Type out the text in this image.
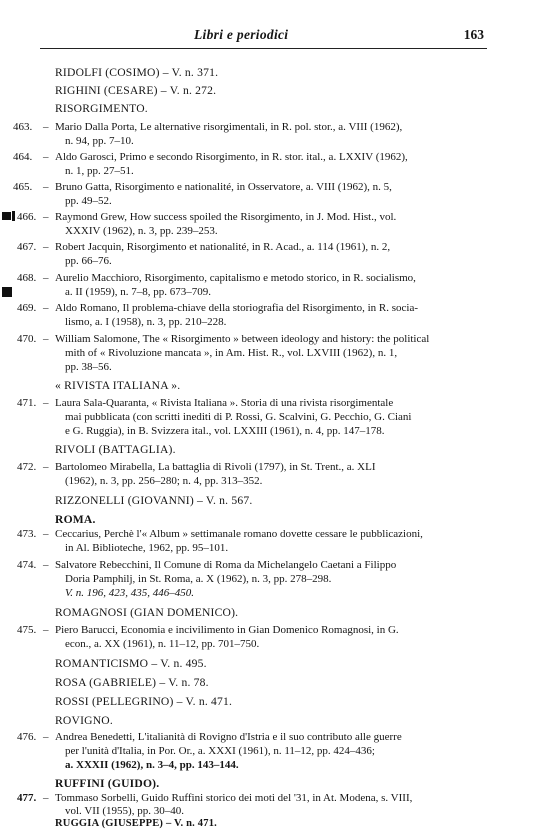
Libri e periodici	163
RIDOLFI (COSIMO) – V. n. 371.
RIGHINI (CESARE) – V. n. 272.
RISORGIMENTO.
463. – Mario Dalla Porta, Le alternative risorgimentali, in R. pol. stor., a. VIII (1962),
n. 94, pp. 7–10.
464. – Aldo Garosci, Primo e secondo Risorgimento, in R. stor. ital., a. LXXIV (1962),
n. 1, pp. 27–51.
465. – Bruno Gatta, Risorgimento e nationalité, in Osservatore, a. VIII (1962), n. 5,
pp. 49–52.
466. – Raymond Grew, How success spoiled the Risorgimento, in J. Mod. Hist., vol.
XXXIV (1962), n. 3, pp. 239–253.
467. – Robert Jacquin, Risorgimento et nationalité, in R. Acad., a. 114 (1961), n. 2,
pp. 66–76.
468. – Aurelio Macchioro, Risorgimento, capitalismo e metodo storico, in R. socialismo,
a. II (1959), n. 7–8, pp. 673–709.
469. – Aldo Romano, Il problema-chiave della storiografia del Risorgimento, in R. socia-
lismo, a. I (1958), n. 3, pp. 210–228.
470. – William Salomone, The « Risorgimento » between ideology and history: the political
mith of « Rivoluzione mancata », in Am. Hist. R., vol. LXVIII (1962), n. 1,
pp. 38–56.
« RIVISTA ITALIANA ».
471. – Laura Sala-Quaranta, « Rivista Italiana ». Storia di una rivista risorgimentale
mai pubblicata (con scritti inediti di P. Rossi, G. Scalvini, G. Pecchio, G. Ciani
e G. Ruggia), in B. Svizzera ital., vol. LXXIII (1961), n. 4, pp. 147–178.
RIVOLI (BATTAGLIA).
472. – Bartolomeo Mirabella, La battaglia di Rivoli (1797), in St. Trent., a. XLI
(1962), n. 3, pp. 256–280; n. 4, pp. 313–352.
RIZZONELLI (GIOVANNI) – V. n. 567.
ROMA.
473. – Ceccarius, Perchè l'« Album » settimanale romano dovette cessare le pubblicazioni,
in Al. Biblioteche, 1962, pp. 95–101.
474. – Salvatore Rebecchini, Il Comune di Roma da Michelangelo Caetani a Filippo
Doria Pamphilj, in St. Roma, a. X (1962), n. 3, pp. 278–298.
V. n. 196, 423, 435, 446–450.
ROMAGNOSI (GIAN DOMENICO).
475. – Piero Barucci, Economia e incivilimento in Gian Domenico Romagnosi, in G.
econ., a. XX (1961), n. 11–12, pp. 701–750.
ROMANTICISMO – V. n. 495.
ROSA (GABRIELE) – V. n. 78.
ROSSI (PELLEGRINO) – V. n. 471.
ROVIGNO.
476. – Andrea Benedetti, L'italianità di Rovigno d'Istria e il suo contributo alle guerre
per l'unità d'Italia, in Por. Or., a. XXXI (1961), n. 11–12, pp. 424–436;
a. XXXII (1962), n. 3–4, pp. 143–144.
RUFFINI (GUIDO).
477. – Tommaso Sorbelli, Guido Ruffini storico dei moti del '31, in At. Modena, s. VIII,
vol. VII (1955), pp. 30–40.
RUGGIA (GIUSEPPE) – V. n. 471.
